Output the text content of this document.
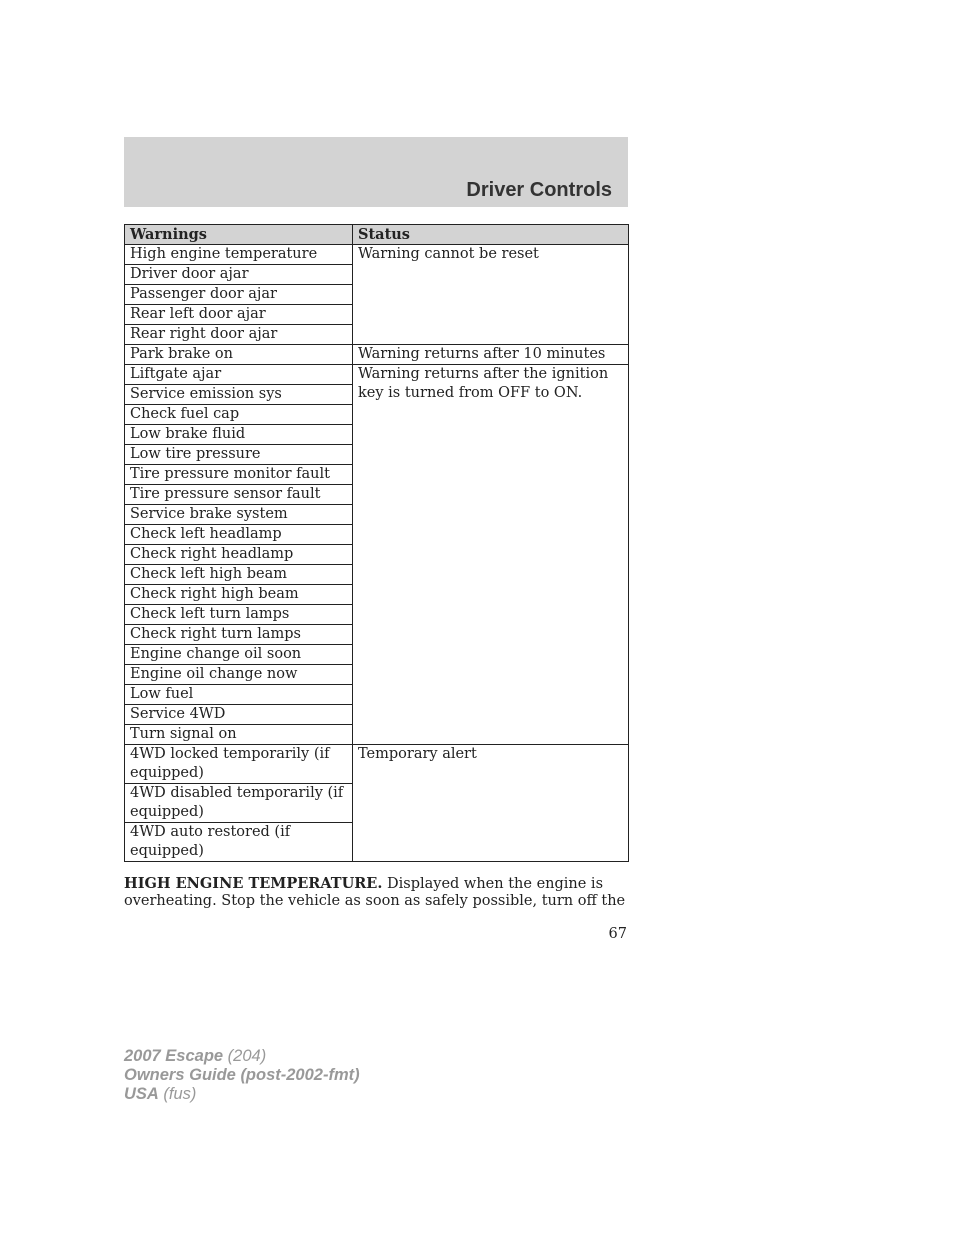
Driver Controls
Warnings	Status
High engine temperature	Warning cannot be reset
Driver door ajar	
Passenger door ajar	
Rear left door ajar	
Rear right door ajar	
Park brake on	Warning returns after 10 minutes
Liftgate ajar	Warning returns after the ignition key is turned from OFF to ON.
Service emission sys	
Check fuel cap	
Low brake fluid	
Low tire pressure	
Tire pressure monitor fault	
Tire pressure sensor fault	
Service brake system	
Check left headlamp	
Check right headlamp	
Check left high beam	
Check right high beam	
Check left turn lamps	
Check right turn lamps	
Engine change oil soon	
Engine oil change now	
Low fuel	
Service 4WD	
Turn signal on	
4WD locked temporarily (if equipped)	Temporary alert
4WD disabled temporarily (if equipped)	
4WD auto restored (if equipped)	

HIGH ENGINE TEMPERATURE. Displayed when the engine is overheating. Stop the vehicle as soon as safely possible, turn off the

67
2007 Escape (204)
Owners Guide (post-2002-fmt)
USA (fus)
